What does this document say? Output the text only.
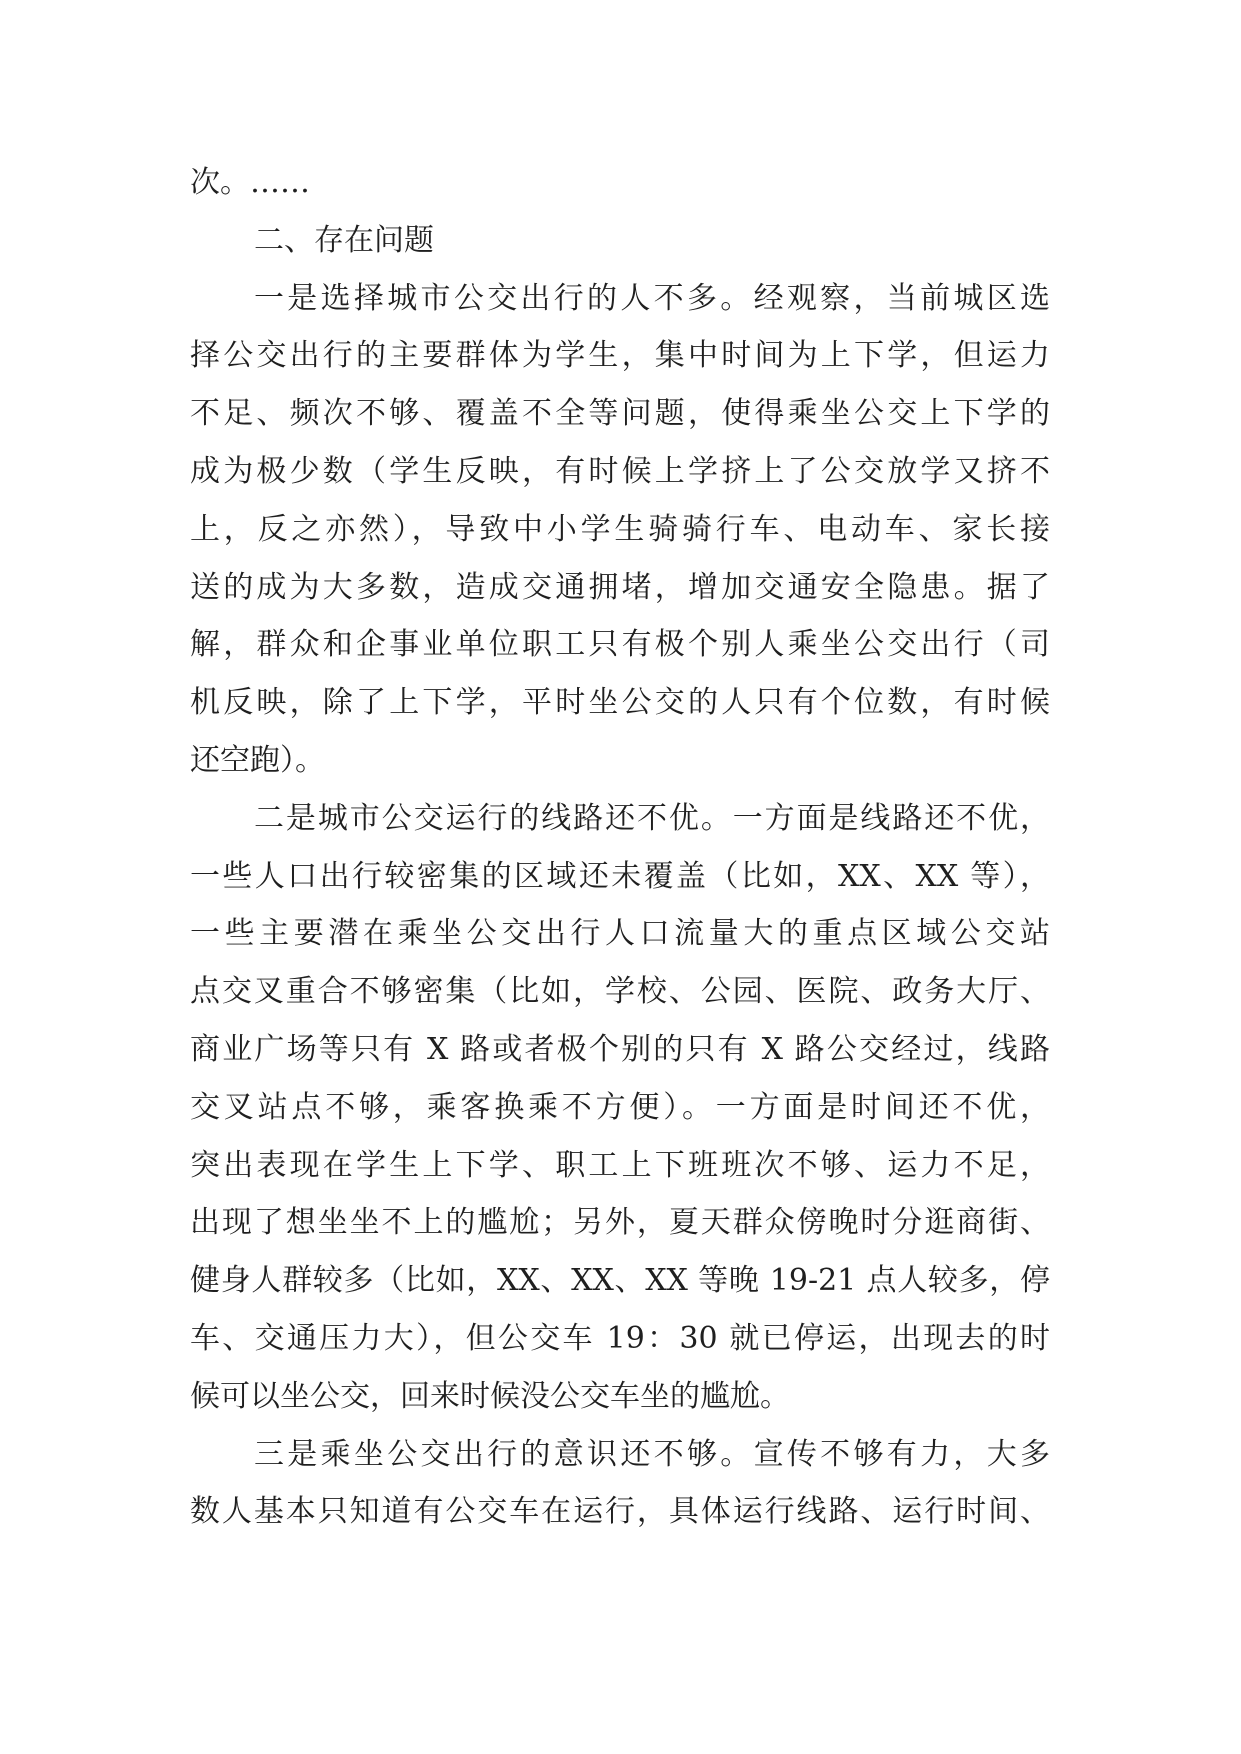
次。……
二、存在问题
一是选择城市公交出行的人不多。经观察，当前城区选
择公交出行的主要群体为学生，集中时间为上下学，但运力
不足、频次不够、覆盖不全等问题，使得乘坐公交上下学的
成为极少数（学生反映，有时候上学挤上了公交放学又挤不
上，反之亦然），导致中小学生骑骑行车、电动车、家长接
送的成为大多数，造成交通拥堵，增加交通安全隐患。据了
解，群众和企事业单位职工只有极个别人乘坐公交出行（司
机反映，除了上下学，平时坐公交的人只有个位数，有时候
还空跑）。
二是城市公交运行的线路还不优。一方面是线路还不优，
一些人口出行较密集的区域还未覆盖（比如，XX、XX 等），
一些主要潜在乘坐公交出行人口流量大的重点区域公交站
点交叉重合不够密集（比如，学校、公园、医院、政务大厅、
商业广场等只有 X 路或者极个别的只有 X 路公交经过，线路
交叉站点不够，乘客换乘不方便）。一方面是时间还不优，
突出表现在学生上下学、职工上下班班次不够、运力不足，
出现了想坐坐不上的尴尬；另外，夏天群众傍晚时分逛商街、
健身人群较多（比如，XX、XX、XX 等晚 19-21 点人较多，停
车、交通压力大），但公交车 19：30 就已停运，出现去的时
候可以坐公交，回来时候没公交车坐的尴尬。
三是乘坐公交出行的意识还不够。宣传不够有力，大多
数人基本只知道有公交车在运行，具体运行线路、运行时间、
